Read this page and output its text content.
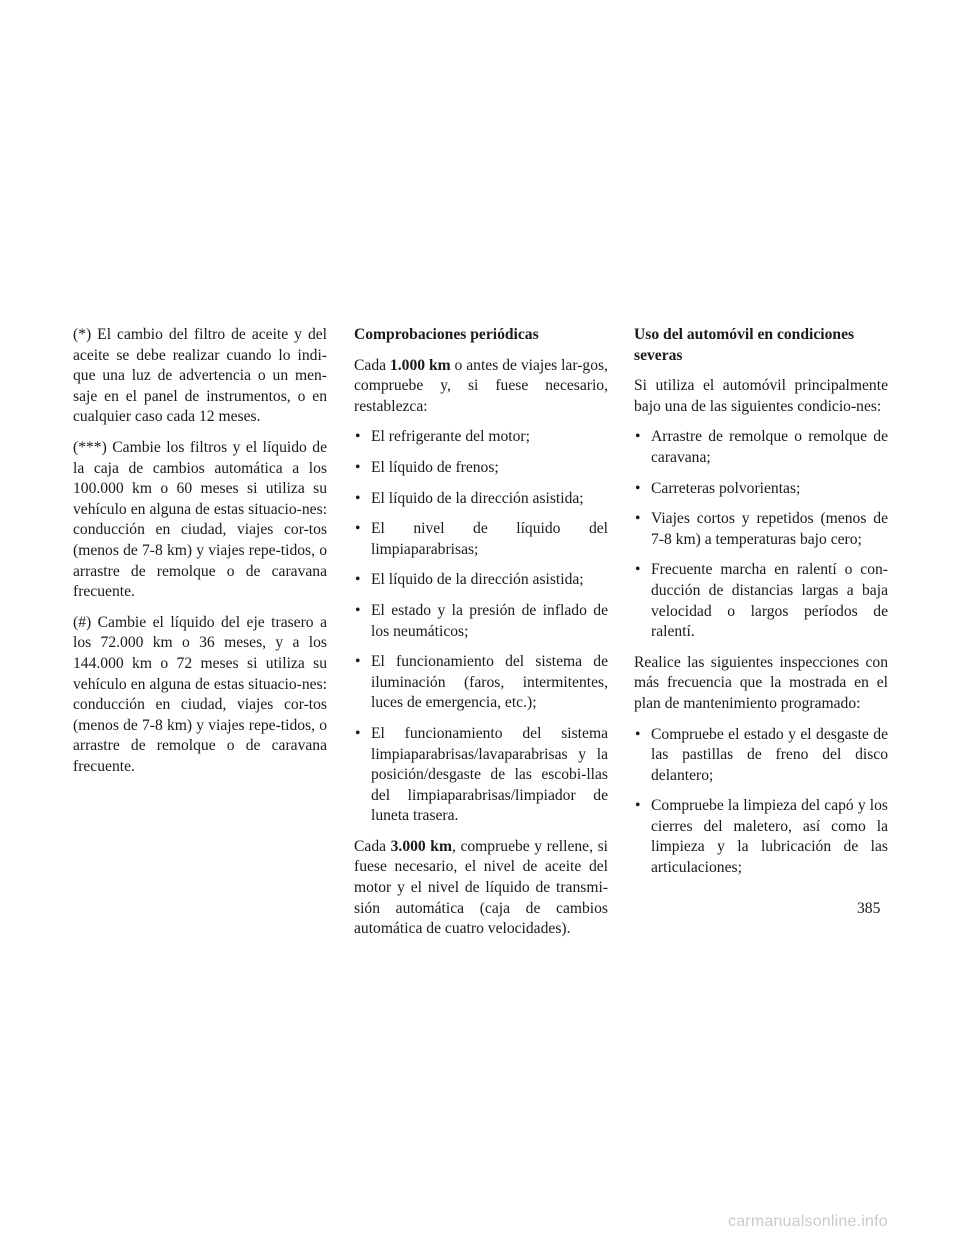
(*) El cambio del filtro de aceite y del aceite se debe realizar cuando lo indi-que una luz de advertencia o un men-saje en el panel de instrumentos, o en cualquier caso cada 12 meses.

(***) Cambie los filtros y el líquido de la caja de cambios automática a los 100.000 km o 60 meses si utiliza su vehículo en alguna de estas situacio-nes: conducción en ciudad, viajes cor-tos (menos de 7-8 km) y viajes repe-tidos, o arrastre de remolque o de caravana frecuente.

(#) Cambie el líquido del eje trasero a los 72.000 km o 36 meses, y a los 144.000 km o 72 meses si utiliza su vehículo en alguna de estas situacio-nes: conducción en ciudad, viajes cor-tos (menos de 7-8 km) y viajes repe-tidos, o arrastre de remolque o de caravana frecuente.

Comprobaciones periódicas

Cada 1.000 km o antes de viajes lar-gos, compruebe y, si fuese necesario, restablezca:

• El refrigerante del motor;
• El líquido de frenos;
• El líquido de la dirección asistida;
• El nivel de líquido del limpiaparabrisas;
• El líquido de la dirección asistida;
• El estado y la presión de inflado de los neumáticos;
• El funcionamiento del sistema de iluminación (faros, intermitentes, luces de emergencia, etc.);
• El funcionamiento del sistema limpiaparabrisas/lavaparabrisas y la posición/desgaste de las escobi-llas del limpiaparabrisas/limpiador de luneta trasera.

Cada 3.000 km, compruebe y rellene, si fuese necesario, el nivel de aceite del motor y el nivel de líquido de transmi-sión automática (caja de cambios automática de cuatro velocidades).

Uso del automóvil en condiciones severas

Si utiliza el automóvil principalmente bajo una de las siguientes condicio-nes:

• Arrastre de remolque o remolque de caravana;
• Carreteras polvorientas;
• Viajes cortos y repetidos (menos de 7-8 km) a temperaturas bajo cero;
• Frecuente marcha en ralentí o con-ducción de distancias largas a baja velocidad o largos períodos de ralentí.

Realice las siguientes inspecciones con más frecuencia que la mostrada en el plan de mantenimiento programado:

• Compruebe el estado y el desgaste de las pastillas de freno del disco delantero;
• Compruebe la limpieza del capó y los cierres del maletero, así como la limpieza y la lubricación de las articulaciones;
385
carmanualsonline.info
